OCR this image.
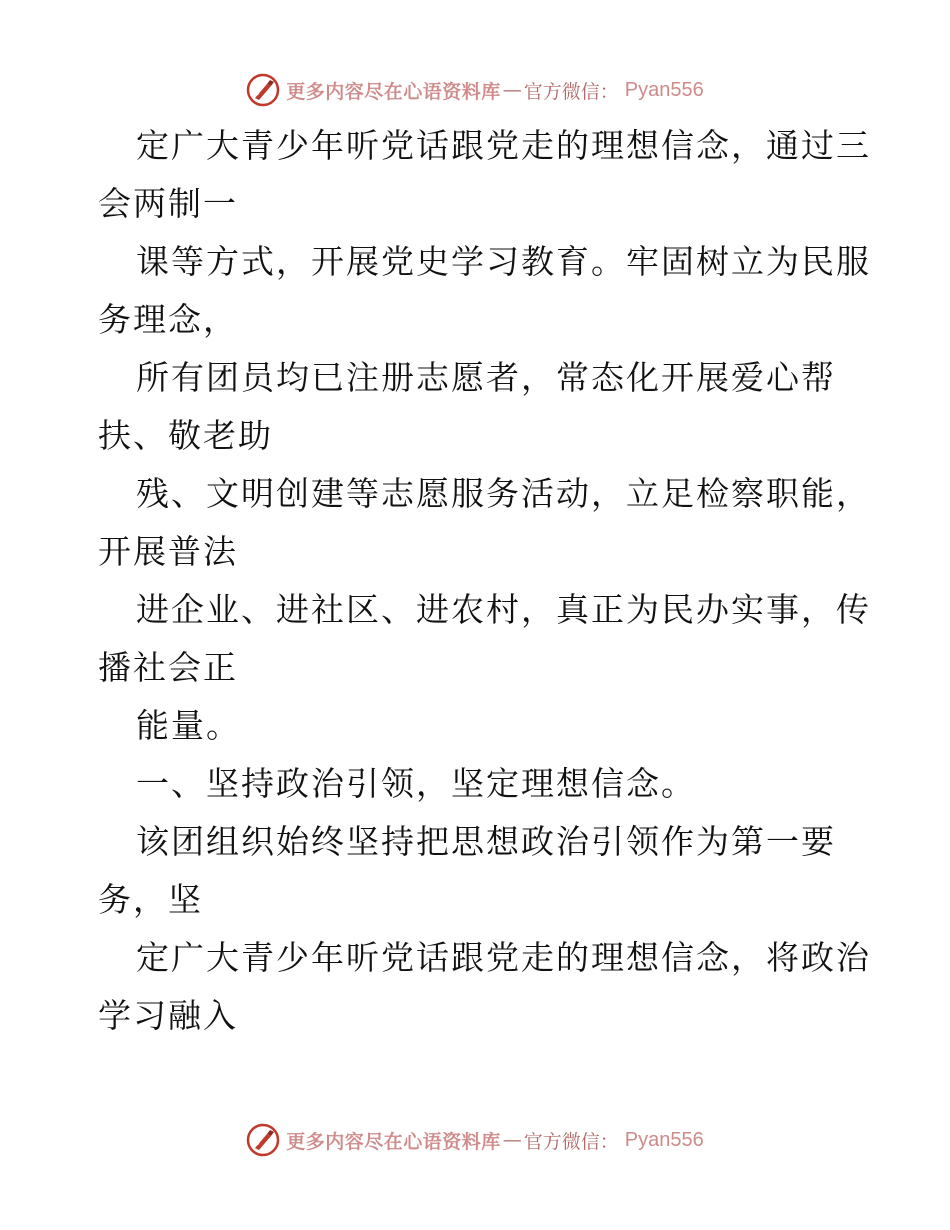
更多内容尽在心语资料库 — 官方微信： Pyan556
定广大青少年听党话跟党走的理想信念，通过三
会两制一
课等方式，开展党史学习教育。牢固树立为民服
务理念，
所有团员均已注册志愿者，常态化开展爱心帮
扶、敬老助
残、文明创建等志愿服务活动，立足检察职能，
开展普法
进企业、进社区、进农村，真正为民办实事，传
播社会正
能量。
一、坚持政治引领，坚定理想信念。
该团组织始终坚持把思想政治引领作为第一要
务，坚
定广大青少年听党话跟党走的理想信念，将政治
学习融入
更多内容尽在心语资料库 — 官方微信： Pyan556
